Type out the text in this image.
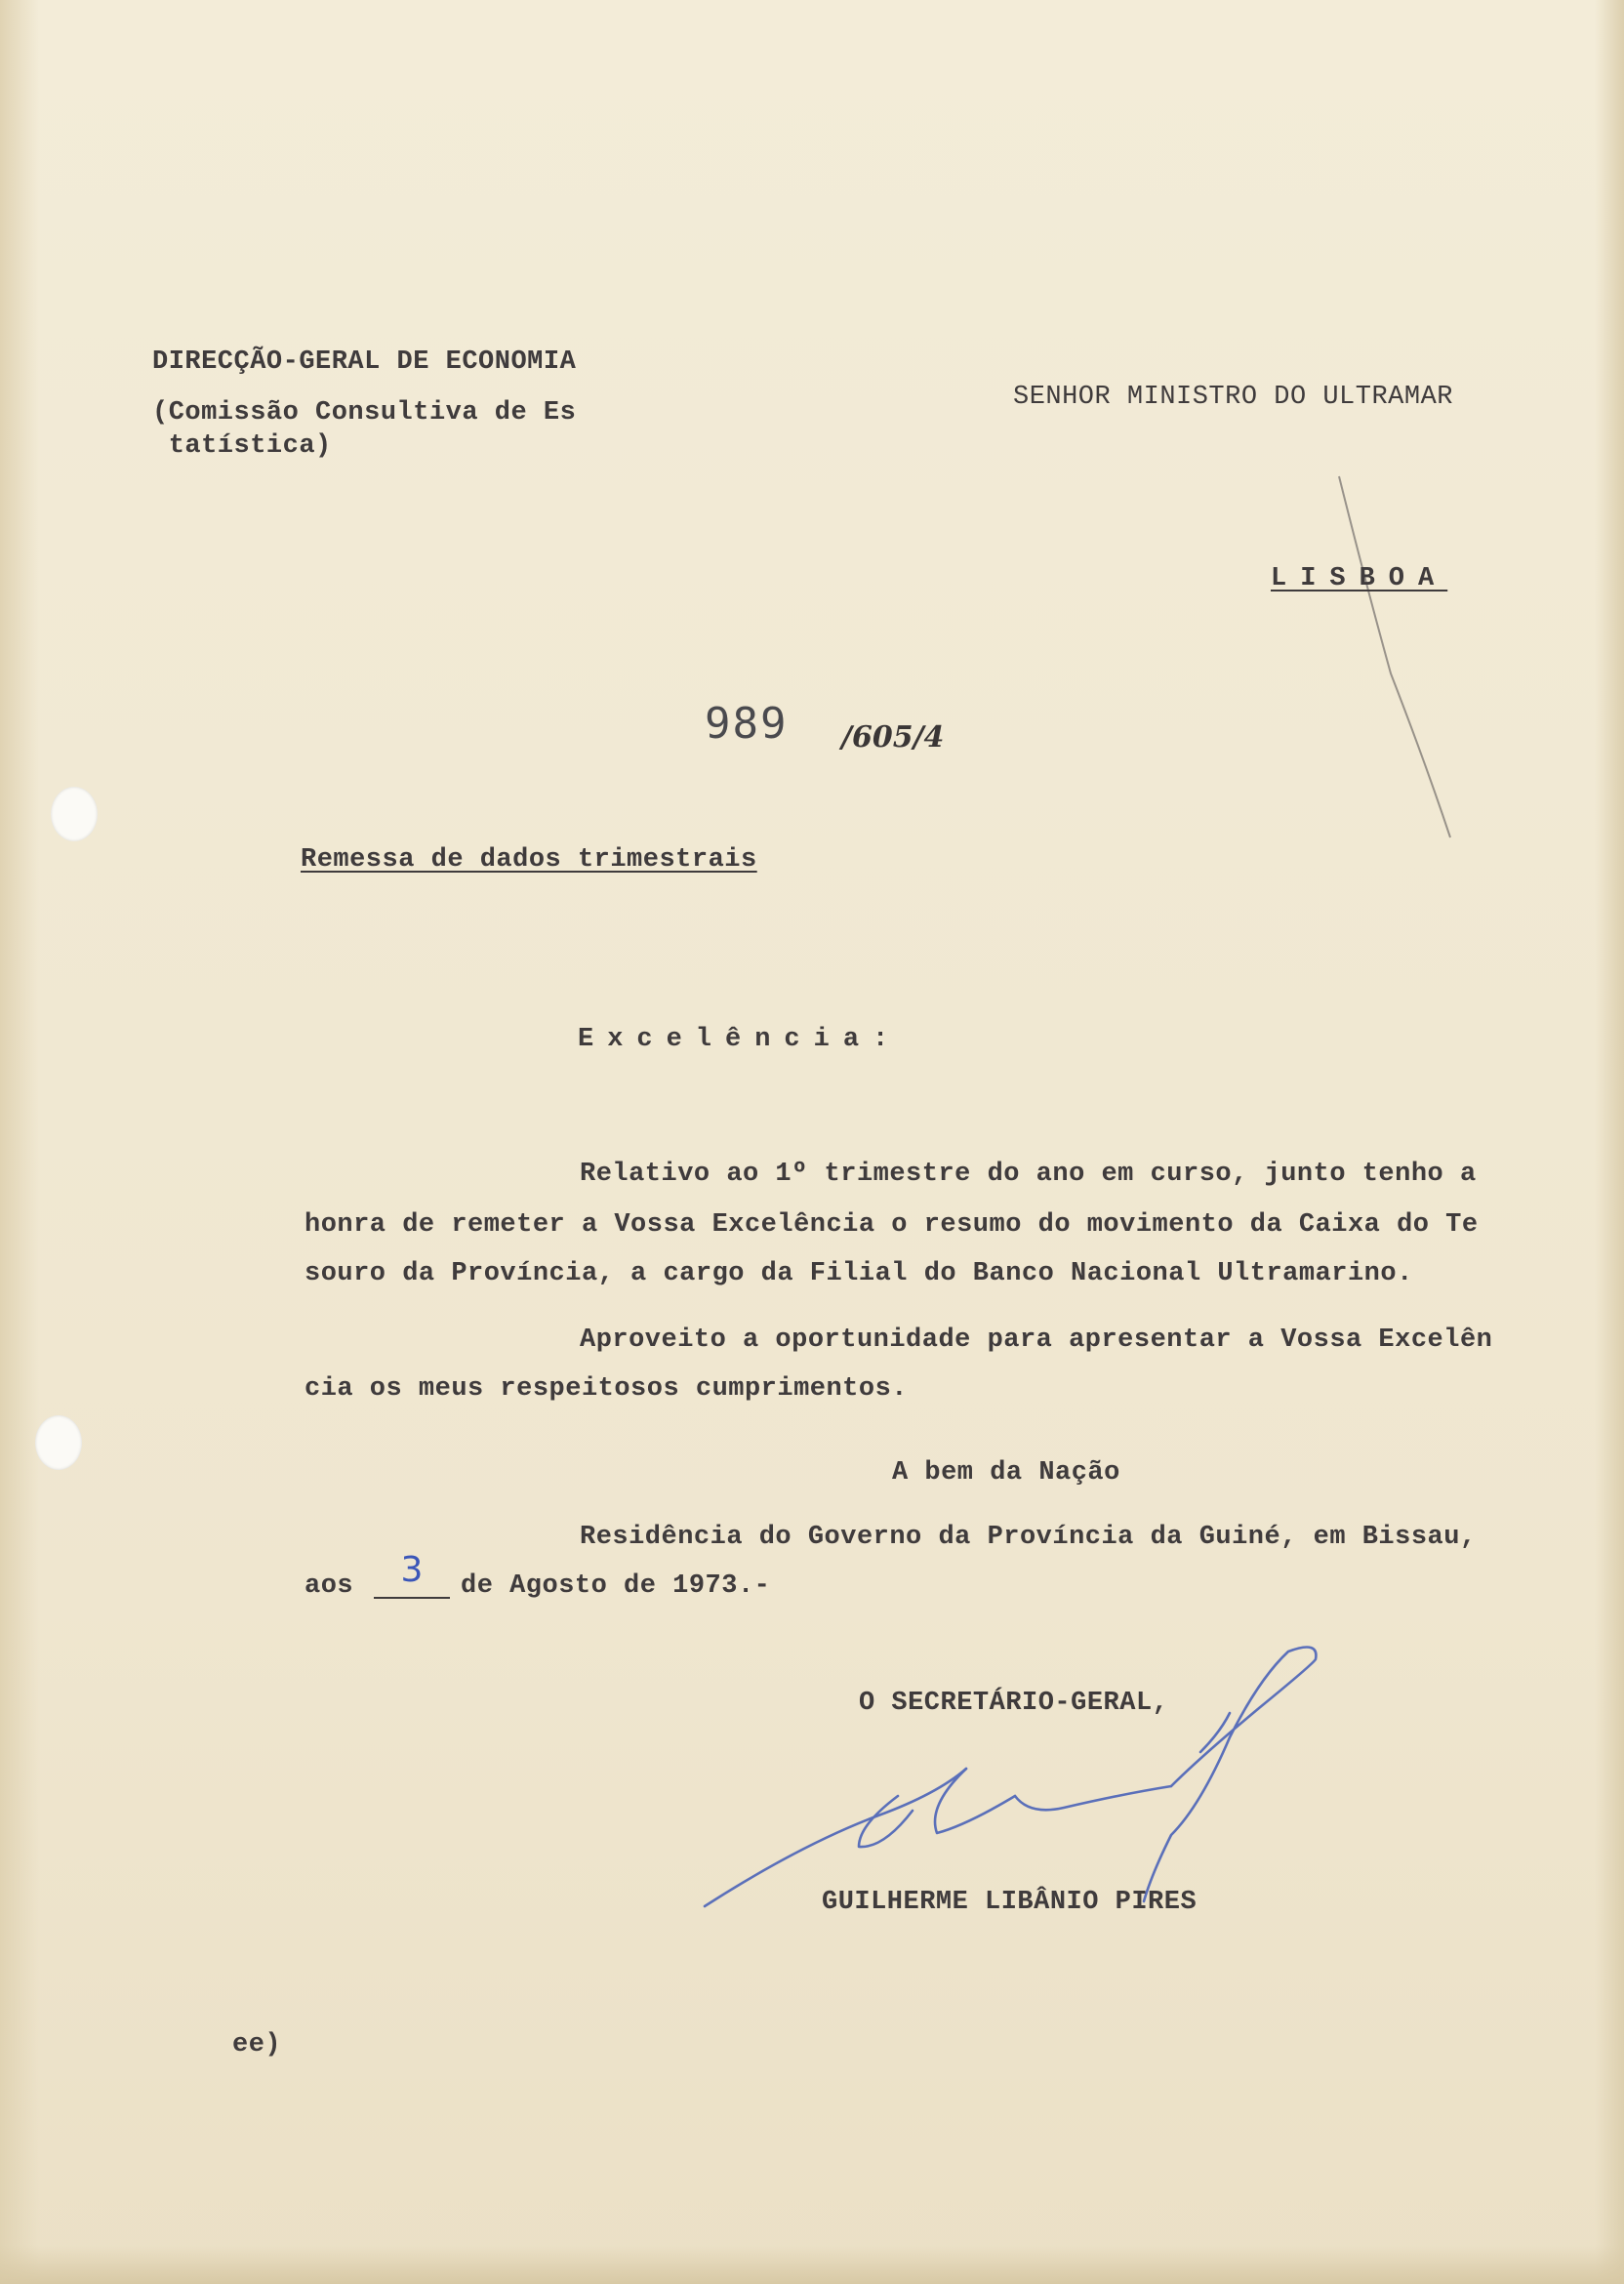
DIRECÇÃO-GERAL DE ECONOMIA
(Comissão Consultiva de Es
tatística)
SENHOR MINISTRO DO ULTRAMAR
LISBOA
989 /605/4
Remessa de dados trimestrais
Excelência:
Relativo ao 1º trimestre do ano em curso, junto tenho a
honra de remeter a Vossa Excelência o resumo do movimento da Caixa do Te
souro da Província, a cargo da Filial do Banco Nacional Ultramarino.
Aproveito a oportunidade para apresentar a Vossa Excelên
cia os meus respeitosos cumprimentos.
A bem da Nação
Residência do Governo da Província da Guiné, em Bissau,
aos	3	de Agosto de 1973.-
O SECRETÁRIO-GERAL,
GUILHERME LIBÂNIO PIRES
ee)
